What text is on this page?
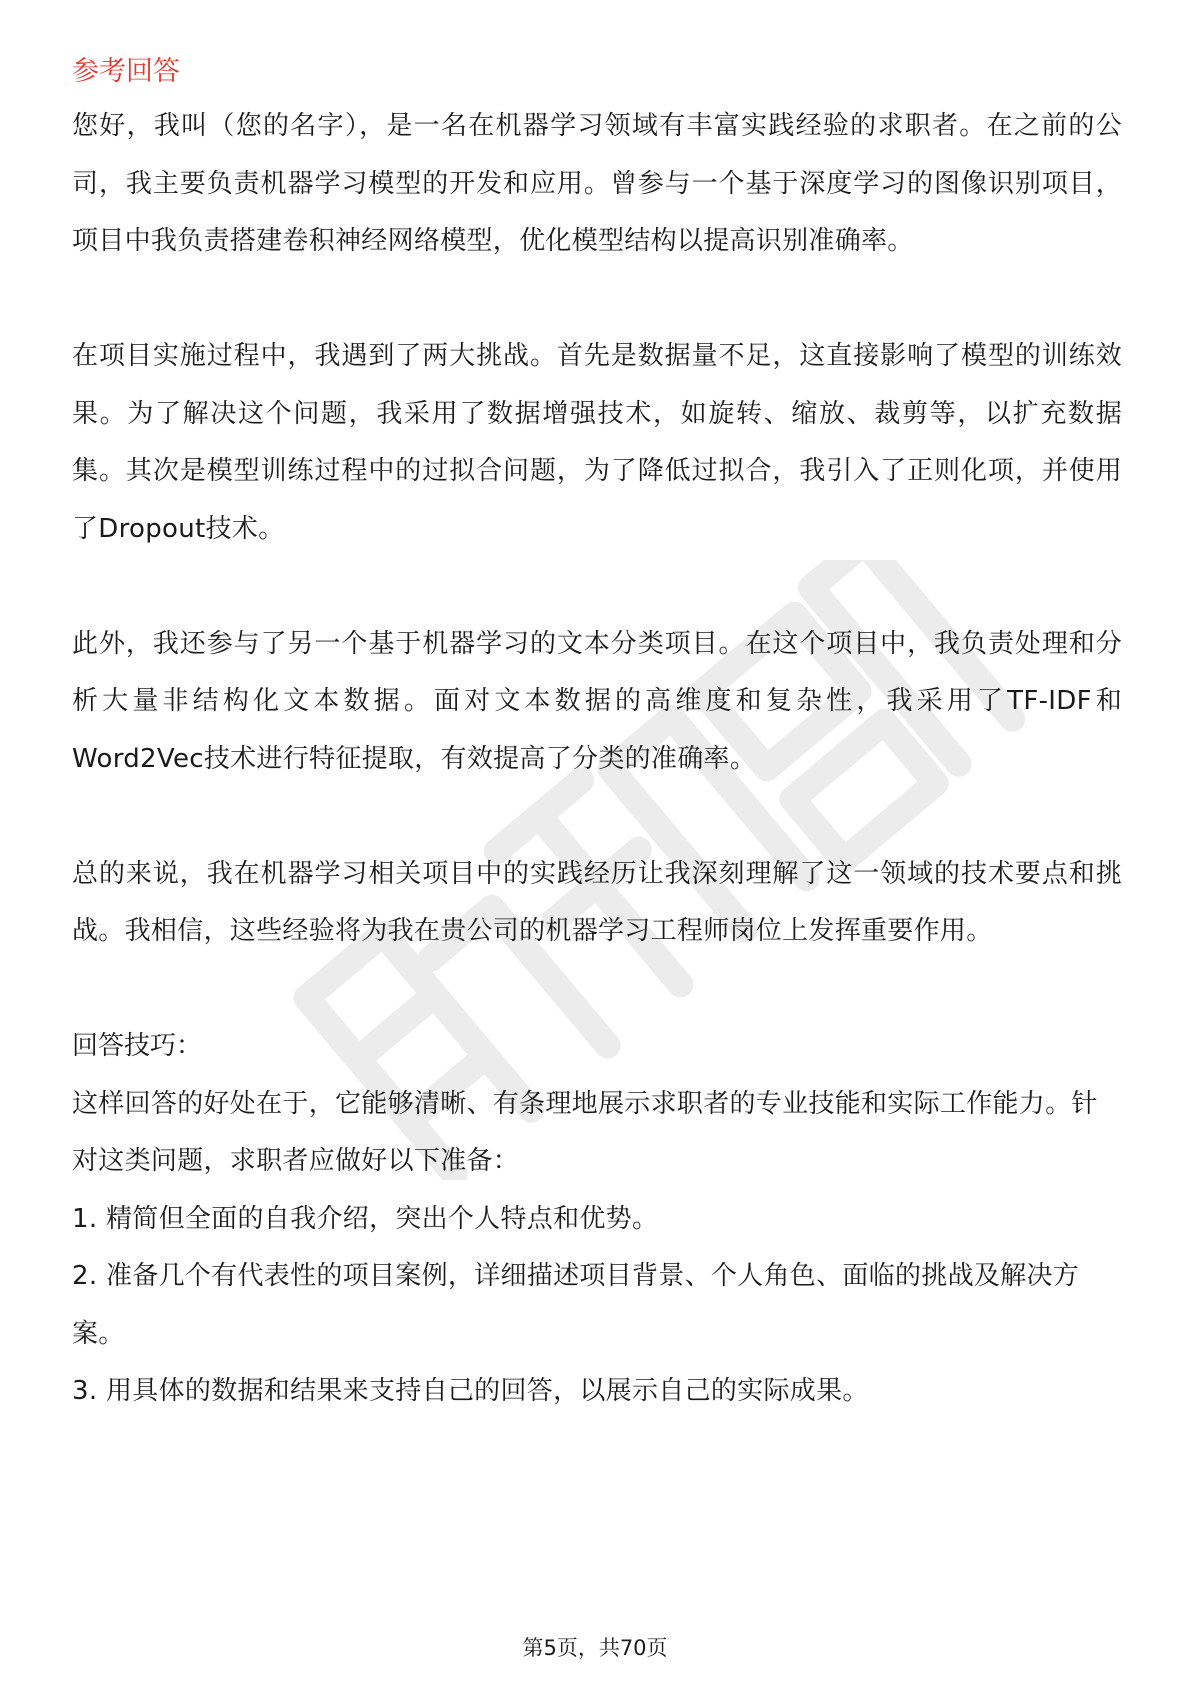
参考回答

您好，我叫（您的名字），是一名在机器学习领域有丰富实践经验的求职者。在之前的公司，我主要负责机器学习模型的开发和应用。曾参与一个基于深度学习的图像识别项目，项目中我负责搭建卷积神经网络模型，优化模型结构以提高识别准确率。

在项目实施过程中，我遇到了两大挑战。首先是数据量不足，这直接影响了模型的训练效果。为了解决这个问题，我采用了数据增强技术，如旋转、缩放、裁剪等，以扩充数据集。其次是模型训练过程中的过拟合问题，为了降低过拟合，我引入了正则化项，并使用了Dropout技术。

此外，我还参与了另一个基于机器学习的文本分类项目。在这个项目中，我负责处理和分析大量非结构化文本数据。面对文本数据的高维度和复杂性，我采用了TF-IDF和Word2Vec技术进行特征提取，有效提高了分类的准确率。

总的来说，我在机器学习相关项目中的实践经历让我深刻理解了这一领域的技术要点和挑战。我相信，这些经验将为我在贵公司的机器学习工程师岗位上发挥重要作用。

回答技巧：

这样回答的好处在于，它能够清晰、有条理地展示求职者的专业技能和实际工作能力。针对这类问题，求职者应做好以下准备：

1. 精简但全面的自我介绍，突出个人特点和优势。
2. 准备几个有代表性的项目案例，详细描述项目背景、个人角色、面临的挑战及解决方案。
3. 用具体的数据和结果来支持自己的回答，以展示自己的实际成果。
第5页，共70页
